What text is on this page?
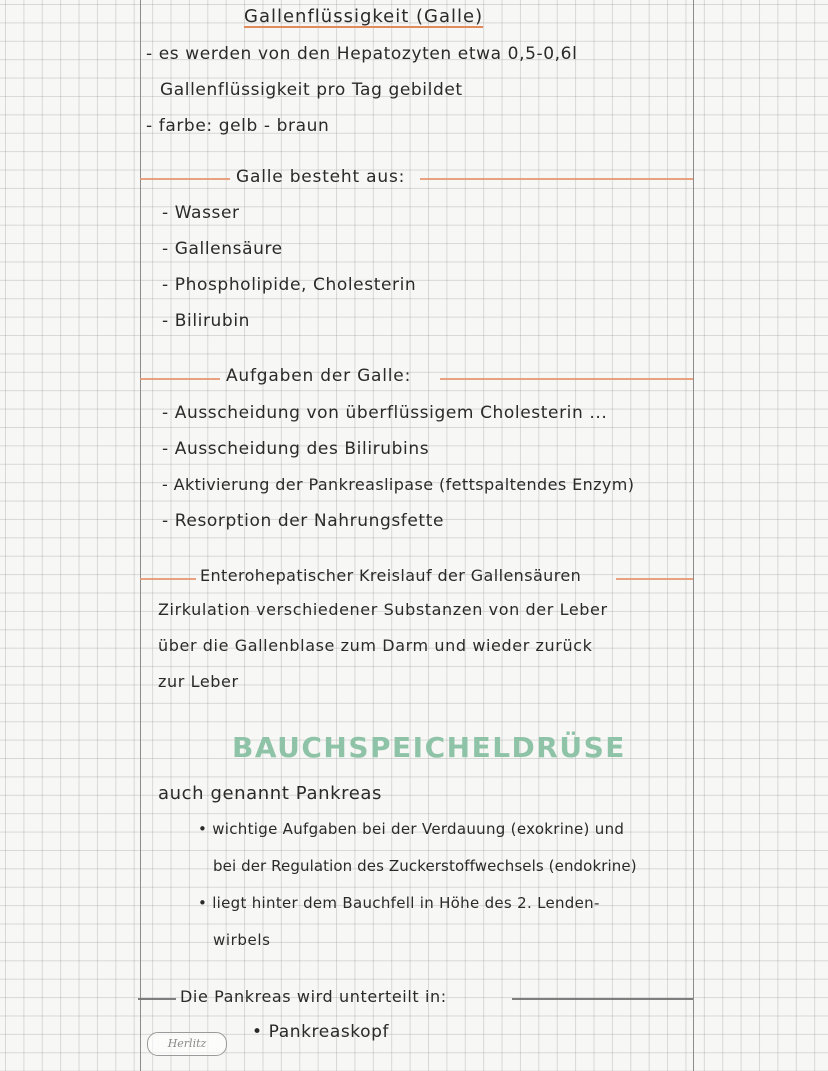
Gallenflüssigkeit (Galle)
- es werden von den Hepatozyten etwa 0,5-0,6l
Gallenflüssigkeit pro Tag gebildet
- farbe: gelb - braun
Galle besteht aus:
- Wasser
- Gallensäure
- Phospholipide, Cholesterin
- Bilirubin
Aufgaben der Galle:
- Ausscheidung von überflüssigem Cholesterin ...
- Ausscheidung des Bilirubins
- Aktivierung der Pankreaslipase (fettspaltendes Enzym)
- Resorption der Nahrungsfette
Enterohepatischer Kreislauf der Gallensäuren
Zirkulation verschiedener Substanzen von der Leber
über die Gallenblase zum Darm und wieder zurück
zur Leber
BAUCHSPEICHELDRÜSE
auch genannt Pankreas
• wichtige Aufgaben bei der Verdauung (exokrine) und
bei der Regulation des Zuckerstoffwechsels (endokrine)
• liegt hinter dem Bauchfell in Höhe des 2. Lenden-
wirbels
Die Pankreas wird unterteilt in:
• Pankreaskopf
Herlitz
